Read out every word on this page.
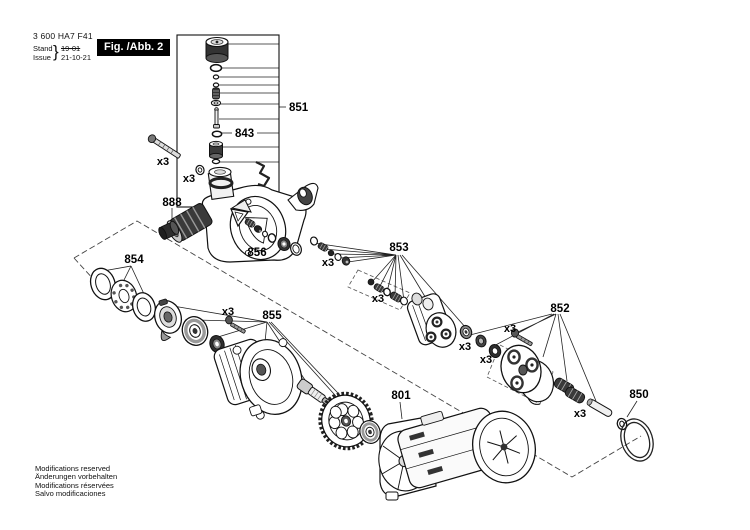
3 600 HA7 F41
Stand
Issue } 19-01
21-10-21
Fig. /Abb. 2
Modifications reserved
Änderungen vorbehalten
Modifications réservées
Salvo modificaciones
851
843
888
856	853
854
855
852
850
801
x3
x3
x3
x3
x3
x3
x3
x3
x3
